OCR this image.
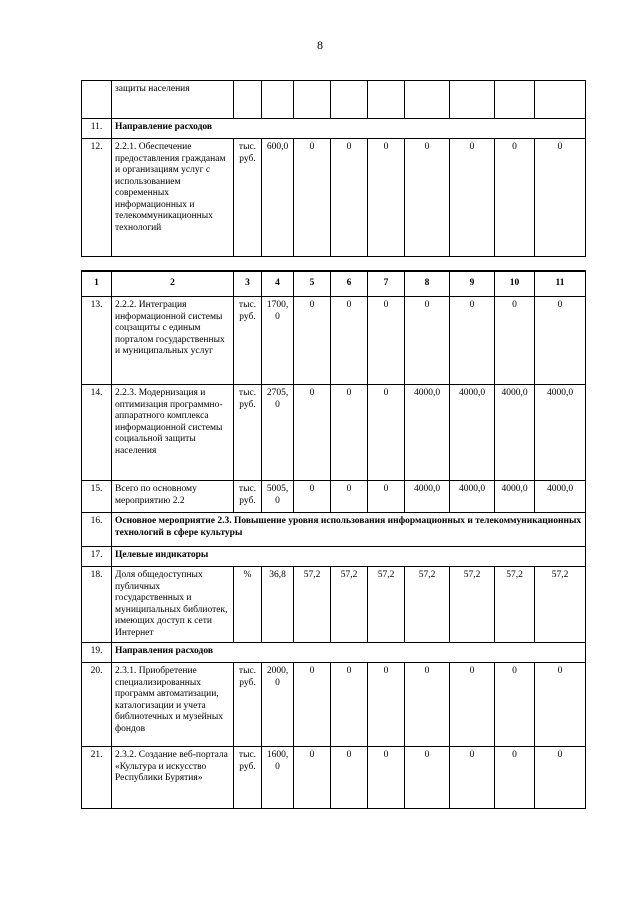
8
	защиты населения									
11.	Направление расходов									
12.	2.2.1. Обеспечение предоставления гражданам и организациям услуг с использованием современных информационных и телекоммуникационных технологий	тыс. руб.	600,0	0	0	0	0	0	0	0
1	2	3	4	5	6	7	8	9	10	11
13.	2.2.2. Интеграция информационной системы соцзащиты с единым порталом государственных и муниципальных услуг	тыс. руб.	1700,0	0	0	0	0	0	0	0
14.	2.2.3. Модернизация и оптимизация программно-аппаратного комплекса информационной системы социальной защиты населения	тыс. руб.	2705,0	0	0	0	4000,0	4000,0	4000,0	4000,0
15.	Всего по основному мероприятию 2.2	тыс. руб.	5005,0	0	0	0	4000,0	4000,0	4000,0	4000,0
16.	Основное мероприятие 2.3. Повышение уровня использования информационных и телекоммуникационных технологий в сфере культуры									
17.	Целевые индикаторы									
18.	Доля общедоступных публичных государственных и муниципальных библиотек, имеющих доступ к сети Интернет	%	36,8	57,2	57,2	57,2	57,2	57,2	57,2	57,2
19.	Направления расходов									
20.	2.3.1. Приобретение специализированных программ автоматизации, каталогизации и учета библиотечных и музейных фондов	тыс. руб.	2000,0	0	0	0	0	0	0	0
21.	2.3.2. Создание веб-портала «Культура и искусство Республики Бурятия»	тыс. руб.	1600,0	0	0	0	0	0	0	0
